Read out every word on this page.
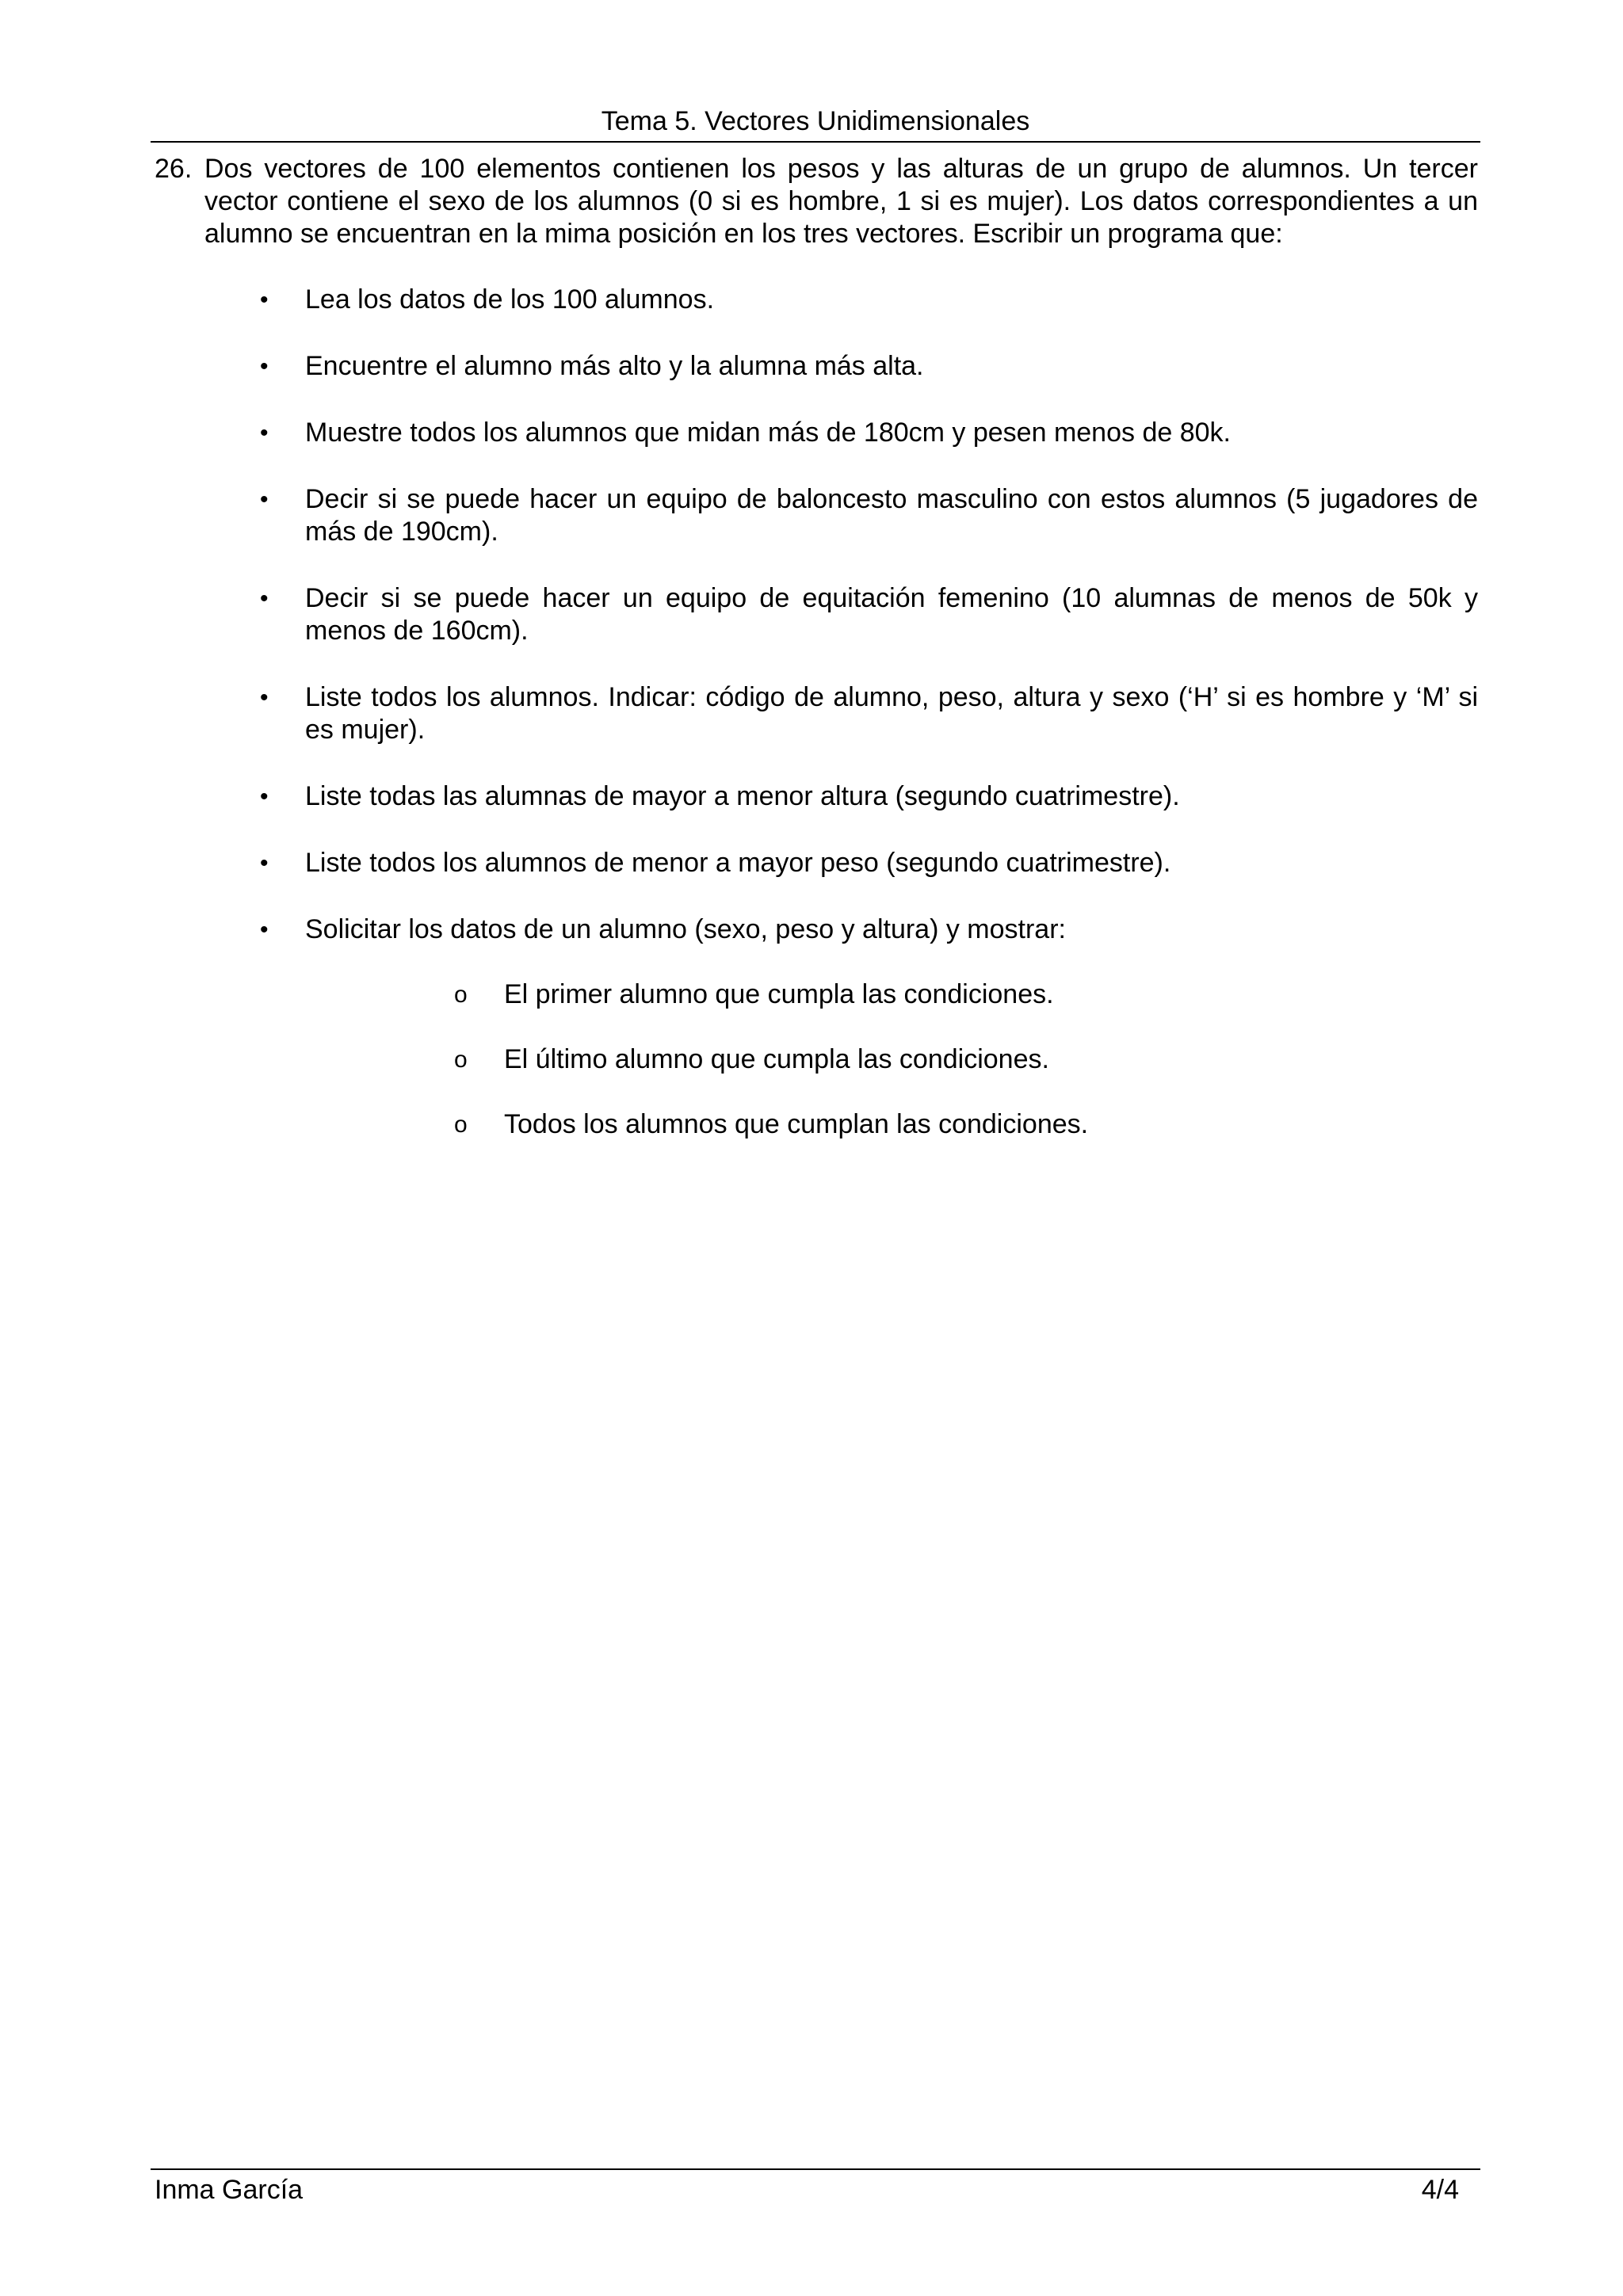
Tema 5. Vectores Unidimensionales
26. Dos vectores de 100 elementos contienen los pesos y las alturas de un grupo de alumnos. Un tercer vector contiene el sexo de los alumnos (0 si es hombre, 1 si es mujer). Los datos correspondientes a un alumno se encuentran en la mima posición en los tres vectores. Escribir un programa que:
• Lea los datos de los 100 alumnos.
• Encuentre el alumno más alto y la alumna más alta.
• Muestre todos los alumnos que midan más de 180cm y pesen menos de 80k.
• Decir si se puede hacer un equipo de baloncesto masculino con estos alumnos (5 jugadores de más de 190cm).
• Decir si se puede hacer un equipo de equitación femenino (10 alumnas de menos de 50k y menos de 160cm).
• Liste todos los alumnos. Indicar: código de alumno, peso, altura y sexo (‘H’ si es hombre y ‘M’ si es mujer).
• Liste todas las alumnas de mayor a menor altura (segundo cuatrimestre).
• Liste todos los alumnos de menor a mayor peso (segundo cuatrimestre).
• Solicitar los datos de un alumno (sexo, peso y altura) y mostrar:
o El primer alumno que cumpla las condiciones.
o El último alumno que cumpla las condiciones.
o Todos los alumnos que cumplan las condiciones.
Inma García	4/4
